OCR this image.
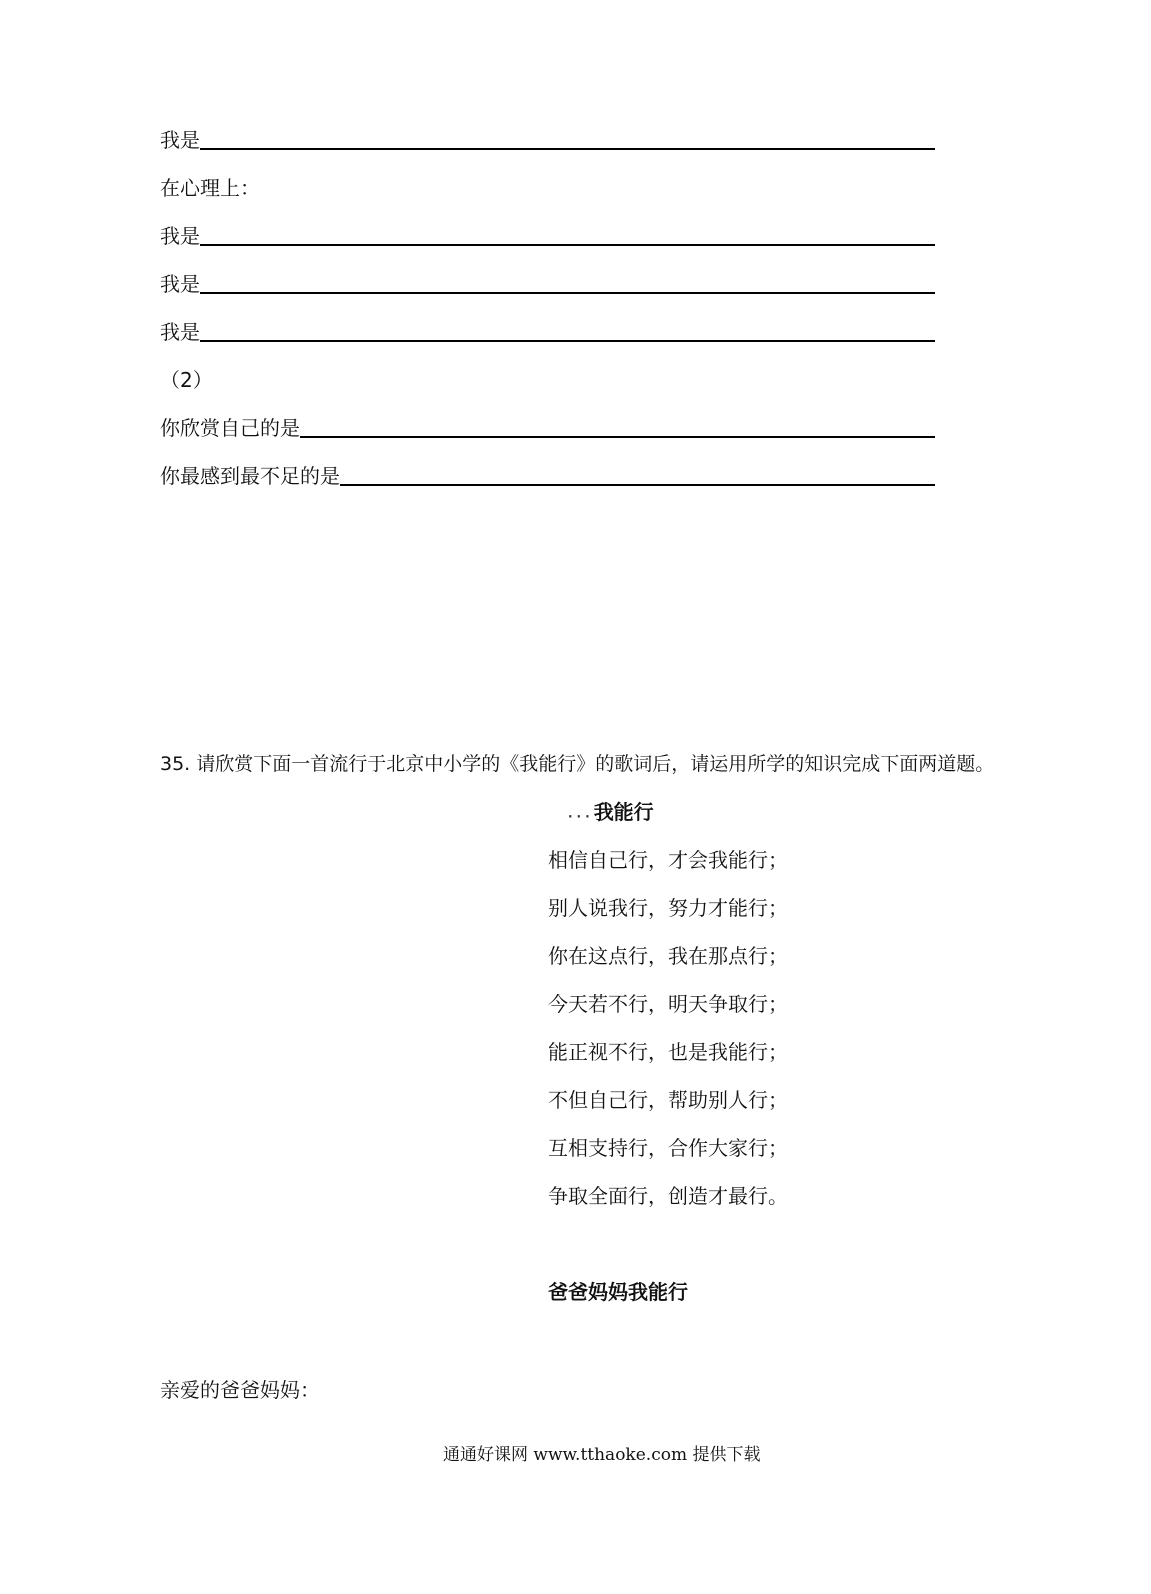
我是
在心理上：
我是
我是
我是
（2）
你欣赏自己的是
你最感到最不足的是
35. 请欣赏下面一首流行于北京中小学的《我能行》的歌词后，请运用所学的知识完成下面两道题。
...我能行
相信自己行，才会我能行；
别人说我行，努力才能行；
你在这点行，我在那点行；
今天若不行，明天争取行；
能正视不行，也是我能行；
不但自己行，帮助别人行；
互相支持行，合作大家行；
争取全面行，创造才最行。
爸爸妈妈我能行
亲爱的爸爸妈妈：
通通好课网 www.tthaoke.com 提供下载
